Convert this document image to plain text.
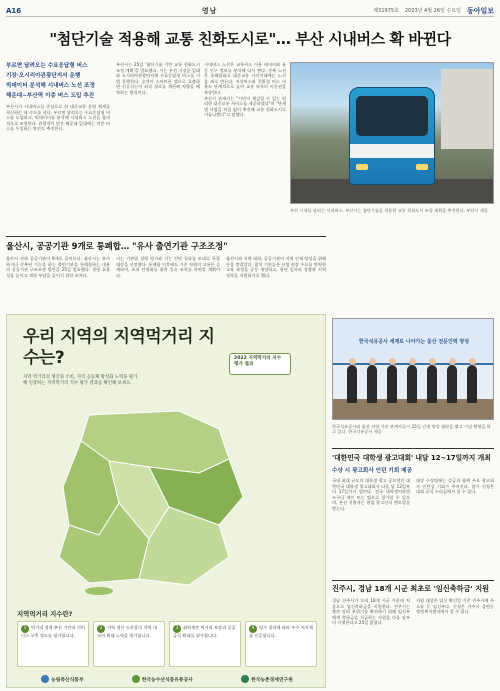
A16	영남	제31975호 2023년 4월 26일 수요일 동아일보
"첨단기술 적용해 교통 친화도시로"… 부산 시내버스 확 바뀐다

부르면 달려오는 수요응답형 버스

기장·오시리아관광단지서 운행

빅데이터 분석해 시내버스 노선 조정

해운대∼부산역 이층 버스 도입 추진

부산시가 시내버스를 중심으로 한 대중교통 운영 체계를 혁신하는 데 속도를 낸다. 부르면 달려오는 수요응답형 버스를 도입하고, 빅데이터를 분석해 시내버스 노선을 합리적으로 조정한다. 관광객이 많은 해운대 일대에는 이층 버스를 투입하는 방안도 추진한다.
부산시는 25일 '첨단기술 기반 교통 친화도시 조성 계획'을 발표했다. 시는 우선 기장군 일대와 오시리아관광단지에 수요응답형 버스를 시범 운행한다. 승객이 스마트폰 앱으로 호출하면 인공지능이 최적 경로를 계산해 차량을 배차하는 방식이다.
시내버스 노선은 교통카드 이용 데이터와 유동 인구 정보를 분석해 다시 짠다. 중복 노선은 통폐합하고 대중교통 사각지대에는 노선을 새로 만든다. 저상버스와 친환경 버스 비율도 단계적으로 높여 교통 약자의 이동권을 보장한다.
부산시 관계자는 "시민이 체감할 수 있는 편리한 대중교통 서비스를 제공하겠다"며 "단계별 사업을 차질 없이 추진해 교통 친화도시로 거듭나겠다"고 말했다.
부산 시내를 달리는 시내버스. 부산시는 첨단기술을 적용한 교통 친화도시 조성 계획을 추진한다. 부산시 제공
울산시, 공공기관 9개로 통폐합… "유사 출연기관 구조조정"
울산시 산하 공공기관이 9개로 줄어든다. 울산시는 유사하거나 중복된 기능을 하는 출연기관을 통폐합하는 내용의 공공기관 구조조정 방안을 25일 발표했다. 경영 효율성을 높이고 재정 부담을 줄이기 위한 조치다.
시는 기관별 경영 평가와 기능 진단 결과를 토대로 통합 대상을 선정했다. 통폐합 이후에도 기존 직원의 고용은 승계하며, 조직 안정화를 위한 후속 조치를 마련할 계획이다.
울산시와 지역 대학, 공공기관이 지역 인재 양성을 위해 손을 맞잡았다. 참석 기관들은 산업 현장 수요를 반영한 교육 과정을 공동 개발하고, 청년 일자리 창출과 지역 정착을 지원하기로 했다.
우리 지역의 지역먹거리 지수는?
지역 먹거리의 생산과 소비, 지역 공동체 활성화 노력을 평가해 인증하는 지역먹거리 지수 평가 결과를 확인해 보세요.
2022 지역먹거리 지수 평가 결과
지역먹거리 지수란?
1 먹거리 정책 추진 기반과 거버넌스 구축 정도를 평가합니다.
2 지역 생산 농산물의 지역 내 소비 확대 노력을 평가합니다.
3 취약계층 먹거리 보장과 공공급식 확대를 평가합니다.
4 평가 결과에 따라 우수 지자체를 인증합니다.
농림축산식품부	한국농수산식품유통공사	한국농촌경제연구원
한국석유공사 세계로 나아가는 울산 전문인력 양성
한국석유공사와 울산 지역 기관 관계자들이 25일 인재 양성 협약을 맺고 기념 촬영을 하고 있다. 한국석유공사 제공
'대한민국 대학생 광고대회' 내달 12∼17일까지 개최
수상 시 광고회사 인턴 기회 제공
국내 최대 규모의 대학생 광고 공모전인 대한민국 대학생 광고대회가 다음 달 12일부터 17일까지 열린다. 전국 대학생이라면 누구나 개인 또는 팀으로 참가할 수 있으며, 본선 진출자는 현업 광고인의 멘토링을 받는다.
대상 수상팀에는 상금과 함께 주요 광고회사 인턴십 기회가 주어진다. 참가 신청은 대회 공식 누리집에서 할 수 있다.
진주시, 경남 18개 시군 최초로 '임신축하금' 지원
경남 진주시가 도내 18개 시군 가운데 처음으로 임신축하금을 지원한다. 진주시는 출산 장려 분위기를 확산하기 위해 임신부에게 축하금을 지급하는 사업을 다음 달부터 시행한다고 25일 밝혔다.
지원 대상은 임신 확인일 기준 진주시에 주소를 둔 임신부다. 신청은 거주지 읍면동 행정복지센터에서 할 수 있다.
